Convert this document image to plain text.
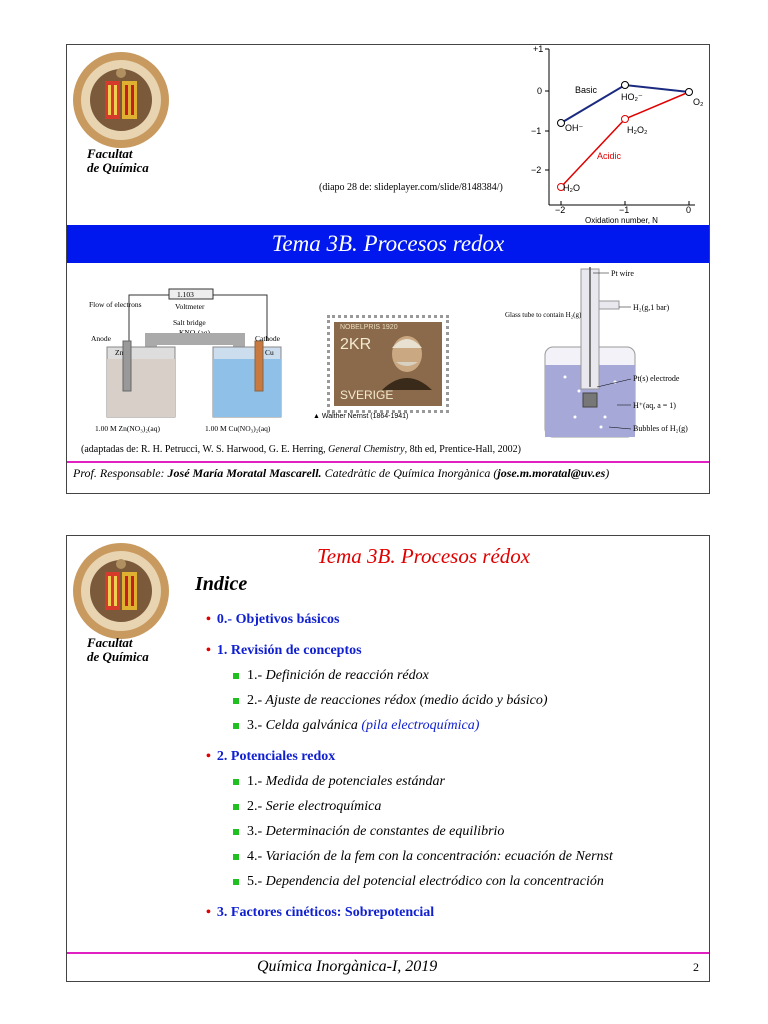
Facultat
de Química
+1
0
−1
−2
−2	−1	0
Oxidation number, N
Basic
Acidic
OH⁻
HO₂⁻	O₂
H₂O₂
H₂O
(diapo 28 de: slideplayer.com/slide/8148384/)
Tema 3B. Procesos redox
1.103
Voltmeter
Flow of electrons
Salt bridge
KNO₃(aq)
Anode	Cathode
Zn	Cu
1.00 M Zn(NO₃)₂(aq)	1.00 M Cu(NO₃)₂(aq)
NOBELPRIS 1920
2KR
SVERIGE
▲ Walther Nernst (1864-1941)
Pt wire
Glass tube to contain H₂(g)
H₂(g,1 bar)
Pt(s) electrode
H⁺(aq, a = 1)
Bubbles of H₂(g)
(adaptadas de: R. H. Petrucci, W. S. Harwood, G. E. Herring, General Chemistry, 8th ed, Prentice-Hall, 2002)
Prof. Responsable: José María Moratal Mascarell. Catedràtic de Química Inorgànica (jose.m.moratal@uv.es)
Facultat
de Química
Tema 3B. Procesos rédox
Indice
• 0.- Objetivos básicos
• 1. Revisión de conceptos
1.- Definición de reacción rédox
2.- Ajuste de reacciones rédox (medio ácido y básico)
3.- Celda galvánica (pila electroquímica)
• 2. Potenciales redox
1.- Medida de potenciales estándar
2.- Serie electroquímica
3.- Determinación de constantes de equilibrio
4.- Variación de la fem con la concentración: ecuación de Nernst
5.- Dependencia del potencial electródico con la concentración
• 3. Factores cinéticos: Sobrepotencial
Química Inorgànica-I, 2019	2
